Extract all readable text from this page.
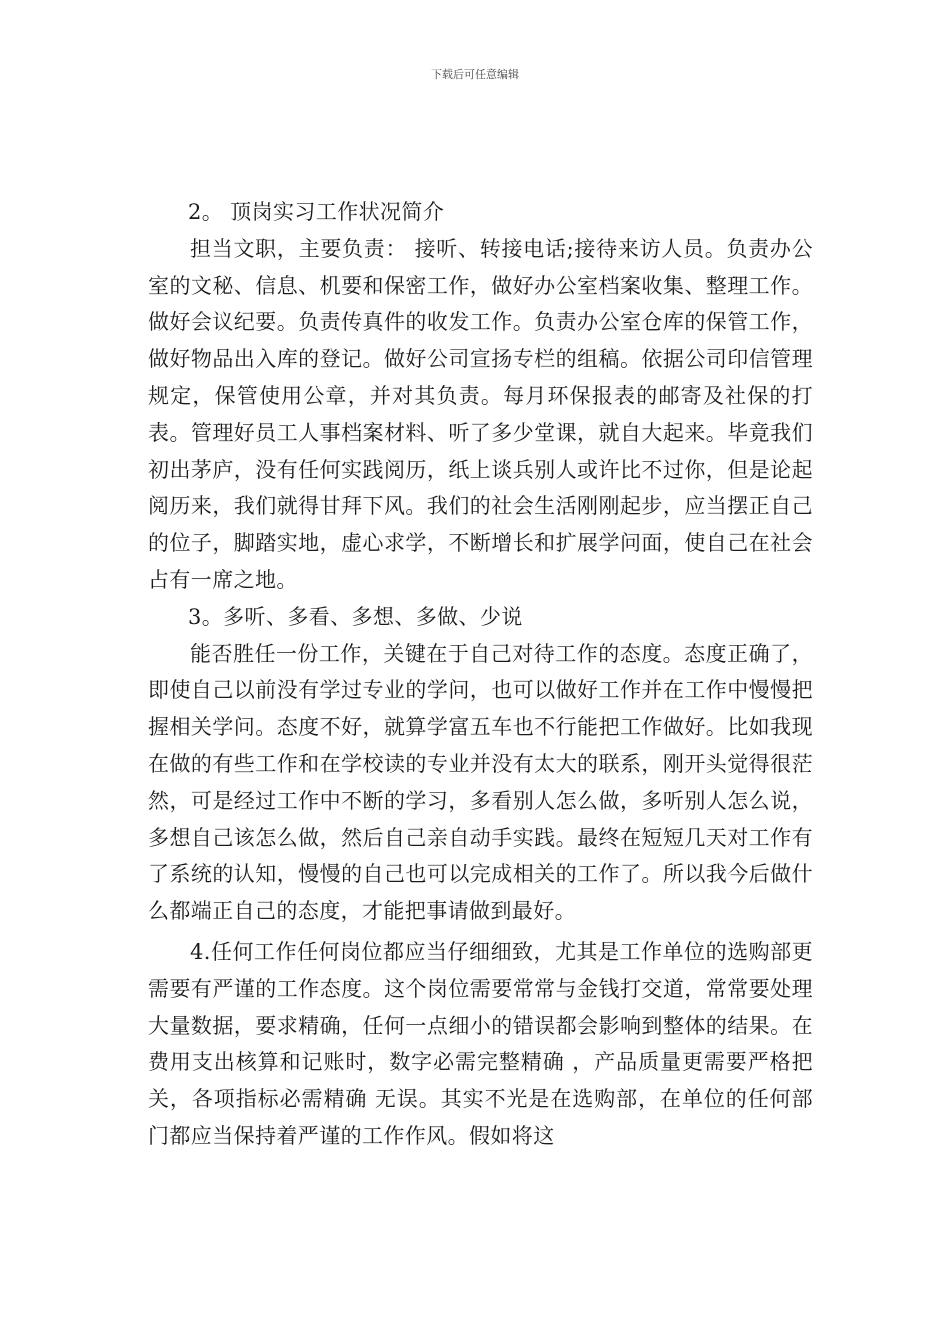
下载后可任意编辑

2。 顶岗实习工作状况简介

担当文职，主要负责： 接听、转接电话;接待来访人员。负责办公室的文秘、信息、机要和保密工作，做好办公室档案收集、整理工作。做好会议纪要。负责传真件的收发工作。负责办公室仓库的保管工作，做好物品出入库的登记。做好公司宣扬专栏的组稿。依据公司印信管理规定，保管使用公章，并对其负责。每月环保报表的邮寄及社保的打表。管理好员工人事档案材料、听了多少堂课，就自大起来。毕竟我们初出茅庐，没有任何实践阅历，纸上谈兵别人或许比不过你，但是论起阅历来，我们就得甘拜下风。我们的社会生活刚刚起步，应当摆正自己的位子，脚踏实地，虚心求学，不断增长和扩展学问面，使自己在社会占有一席之地。

3。多听、多看、多想、多做、少说

能否胜任一份工作，关键在于自己对待工作的态度。态度正确了，即使自己以前没有学过专业的学问，也可以做好工作并在工作中慢慢把握相关学问。态度不好，就算学富五车也不行能把工作做好。比如我现在做的有些工作和在学校读的专业并没有太大的联系，刚开头觉得很茫然，可是经过工作中不断的学习，多看别人怎么做，多听别人怎么说，多想自己该怎么做，然后自己亲自动手实践。最终在短短几天对工作有了系统的认知，慢慢的自己也可以完成相关的工作了。所以我今后做什么都端正自己的态度，才能把事请做到最好。

4.任何工作任何岗位都应当仔细细致，尤其是工作单位的选购部更需要有严谨的工作态度。这个岗位需要常常与金钱打交道，常常要处理大量数据，要求精确，任何一点细小的错误都会影响到整体的结果。在费用支出核算和记账时，数字必需完整精确 ，产品质量更需要严格把关，各项指标必需精确 无误。其实不光是在选购部，在单位的任何部门都应当保持着严谨的工作作风。假如将这
